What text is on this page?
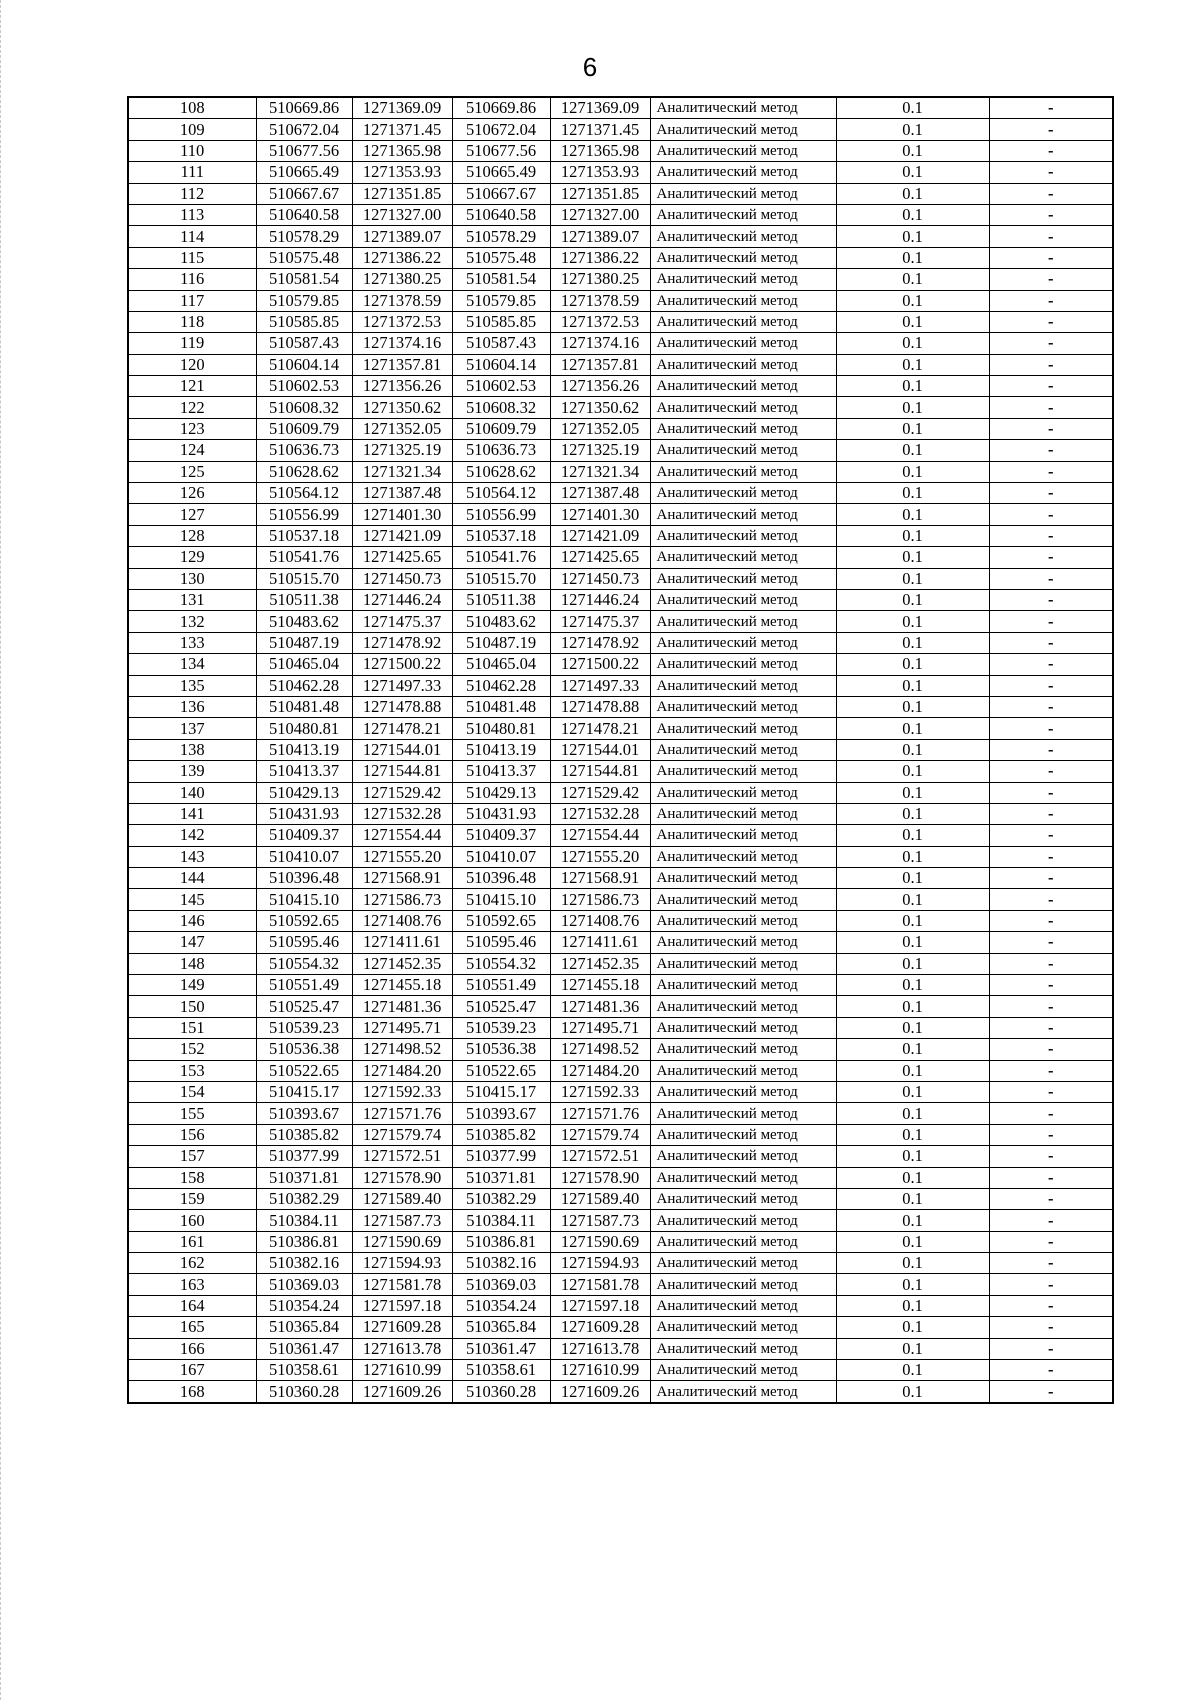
6
108	510669.86	1271369.09	510669.86	1271369.09	Аналитический метод	0.1	-
109	510672.04	1271371.45	510672.04	1271371.45	Аналитический метод	0.1	-
110	510677.56	1271365.98	510677.56	1271365.98	Аналитический метод	0.1	-
111	510665.49	1271353.93	510665.49	1271353.93	Аналитический метод	0.1	-
112	510667.67	1271351.85	510667.67	1271351.85	Аналитический метод	0.1	-
113	510640.58	1271327.00	510640.58	1271327.00	Аналитический метод	0.1	-
114	510578.29	1271389.07	510578.29	1271389.07	Аналитический метод	0.1	-
115	510575.48	1271386.22	510575.48	1271386.22	Аналитический метод	0.1	-
116	510581.54	1271380.25	510581.54	1271380.25	Аналитический метод	0.1	-
117	510579.85	1271378.59	510579.85	1271378.59	Аналитический метод	0.1	-
118	510585.85	1271372.53	510585.85	1271372.53	Аналитический метод	0.1	-
119	510587.43	1271374.16	510587.43	1271374.16	Аналитический метод	0.1	-
120	510604.14	1271357.81	510604.14	1271357.81	Аналитический метод	0.1	-
121	510602.53	1271356.26	510602.53	1271356.26	Аналитический метод	0.1	-
122	510608.32	1271350.62	510608.32	1271350.62	Аналитический метод	0.1	-
123	510609.79	1271352.05	510609.79	1271352.05	Аналитический метод	0.1	-
124	510636.73	1271325.19	510636.73	1271325.19	Аналитический метод	0.1	-
125	510628.62	1271321.34	510628.62	1271321.34	Аналитический метод	0.1	-
126	510564.12	1271387.48	510564.12	1271387.48	Аналитический метод	0.1	-
127	510556.99	1271401.30	510556.99	1271401.30	Аналитический метод	0.1	-
128	510537.18	1271421.09	510537.18	1271421.09	Аналитический метод	0.1	-
129	510541.76	1271425.65	510541.76	1271425.65	Аналитический метод	0.1	-
130	510515.70	1271450.73	510515.70	1271450.73	Аналитический метод	0.1	-
131	510511.38	1271446.24	510511.38	1271446.24	Аналитический метод	0.1	-
132	510483.62	1271475.37	510483.62	1271475.37	Аналитический метод	0.1	-
133	510487.19	1271478.92	510487.19	1271478.92	Аналитический метод	0.1	-
134	510465.04	1271500.22	510465.04	1271500.22	Аналитический метод	0.1	-
135	510462.28	1271497.33	510462.28	1271497.33	Аналитический метод	0.1	-
136	510481.48	1271478.88	510481.48	1271478.88	Аналитический метод	0.1	-
137	510480.81	1271478.21	510480.81	1271478.21	Аналитический метод	0.1	-
138	510413.19	1271544.01	510413.19	1271544.01	Аналитический метод	0.1	-
139	510413.37	1271544.81	510413.37	1271544.81	Аналитический метод	0.1	-
140	510429.13	1271529.42	510429.13	1271529.42	Аналитический метод	0.1	-
141	510431.93	1271532.28	510431.93	1271532.28	Аналитический метод	0.1	-
142	510409.37	1271554.44	510409.37	1271554.44	Аналитический метод	0.1	-
143	510410.07	1271555.20	510410.07	1271555.20	Аналитический метод	0.1	-
144	510396.48	1271568.91	510396.48	1271568.91	Аналитический метод	0.1	-
145	510415.10	1271586.73	510415.10	1271586.73	Аналитический метод	0.1	-
146	510592.65	1271408.76	510592.65	1271408.76	Аналитический метод	0.1	-
147	510595.46	1271411.61	510595.46	1271411.61	Аналитический метод	0.1	-
148	510554.32	1271452.35	510554.32	1271452.35	Аналитический метод	0.1	-
149	510551.49	1271455.18	510551.49	1271455.18	Аналитический метод	0.1	-
150	510525.47	1271481.36	510525.47	1271481.36	Аналитический метод	0.1	-
151	510539.23	1271495.71	510539.23	1271495.71	Аналитический метод	0.1	-
152	510536.38	1271498.52	510536.38	1271498.52	Аналитический метод	0.1	-
153	510522.65	1271484.20	510522.65	1271484.20	Аналитический метод	0.1	-
154	510415.17	1271592.33	510415.17	1271592.33	Аналитический метод	0.1	-
155	510393.67	1271571.76	510393.67	1271571.76	Аналитический метод	0.1	-
156	510385.82	1271579.74	510385.82	1271579.74	Аналитический метод	0.1	-
157	510377.99	1271572.51	510377.99	1271572.51	Аналитический метод	0.1	-
158	510371.81	1271578.90	510371.81	1271578.90	Аналитический метод	0.1	-
159	510382.29	1271589.40	510382.29	1271589.40	Аналитический метод	0.1	-
160	510384.11	1271587.73	510384.11	1271587.73	Аналитический метод	0.1	-
161	510386.81	1271590.69	510386.81	1271590.69	Аналитический метод	0.1	-
162	510382.16	1271594.93	510382.16	1271594.93	Аналитический метод	0.1	-
163	510369.03	1271581.78	510369.03	1271581.78	Аналитический метод	0.1	-
164	510354.24	1271597.18	510354.24	1271597.18	Аналитический метод	0.1	-
165	510365.84	1271609.28	510365.84	1271609.28	Аналитический метод	0.1	-
166	510361.47	1271613.78	510361.47	1271613.78	Аналитический метод	0.1	-
167	510358.61	1271610.99	510358.61	1271610.99	Аналитический метод	0.1	-
168	510360.28	1271609.26	510360.28	1271609.26	Аналитический метод	0.1	-
